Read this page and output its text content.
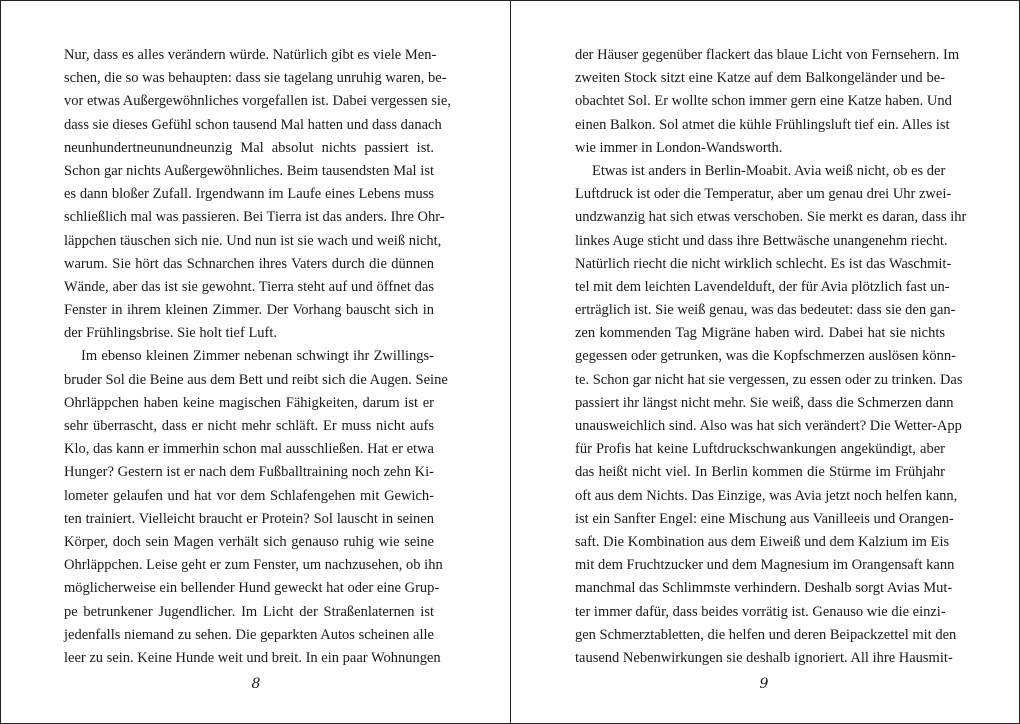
Nur, dass es alles verändern würde. Natürlich gibt es viele Men-
schen, die so was behaupten: dass sie tagelang unruhig waren, be-
vor etwas Außergewöhnliches vorgefallen ist. Dabei vergessen sie,
dass sie dieses Gefühl schon tausend Mal hatten und dass danach
neunhundertneunundneunzig Mal absolut nichts passiert ist.
Schon gar nichts Außergewöhnliches. Beim tausendsten Mal ist
es dann bloßer Zufall. Irgendwann im Laufe eines Lebens muss
schließlich mal was passieren. Bei Tierra ist das anders. Ihre Ohr-
läppchen täuschen sich nie. Und nun ist sie wach und weiß nicht,
warum. Sie hört das Schnarchen ihres Vaters durch die dünnen
Wände, aber das ist sie gewohnt. Tierra steht auf und öffnet das
Fenster in ihrem kleinen Zimmer. Der Vorhang bauscht sich in
der Frühlingsbrise. Sie holt tief Luft.
Im ebenso kleinen Zimmer nebenan schwingt ihr Zwillings-
bruder Sol die Beine aus dem Bett und reibt sich die Augen. Seine
Ohrläppchen haben keine magischen Fähigkeiten, darum ist er
sehr überrascht, dass er nicht mehr schläft. Er muss nicht aufs
Klo, das kann er immerhin schon mal ausschließen. Hat er etwa
Hunger? Gestern ist er nach dem Fußballtraining noch zehn Ki-
lometer gelaufen und hat vor dem Schlafengehen mit Gewich-
ten trainiert. Vielleicht braucht er Protein? Sol lauscht in seinen
Körper, doch sein Magen verhält sich genauso ruhig wie seine
Ohrläppchen. Leise geht er zum Fenster, um nachzusehen, ob ihn
möglicherweise ein bellender Hund geweckt hat oder eine Grup-
pe betrunkener Jugendlicher. Im Licht der Straßenlaternen ist
jedenfalls niemand zu sehen. Die geparkten Autos scheinen alle
leer zu sein. Keine Hunde weit und breit. In ein paar Wohnungen
der Häuser gegenüber flackert das blaue Licht von Fernsehern. Im
zweiten Stock sitzt eine Katze auf dem Balkongeländer und be-
obachtet Sol. Er wollte schon immer gern eine Katze haben. Und
einen Balkon. Sol atmet die kühle Frühlingsluft tief ein. Alles ist
wie immer in London-Wandsworth.
Etwas ist anders in Berlin-Moabit. Avia weiß nicht, ob es der
Luftdruck ist oder die Temperatur, aber um genau drei Uhr zwei-
undzwanzig hat sich etwas verschoben. Sie merkt es daran, dass ihr
linkes Auge sticht und dass ihre Bettwäsche unangenehm riecht.
Natürlich riecht die nicht wirklich schlecht. Es ist das Waschmit-
tel mit dem leichten Lavendelduft, der für Avia plötzlich fast un-
erträglich ist. Sie weiß genau, was das bedeutet: dass sie den gan-
zen kommenden Tag Migräne haben wird. Dabei hat sie nichts
gegessen oder getrunken, was die Kopfschmerzen auslösen könn-
te. Schon gar nicht hat sie vergessen, zu essen oder zu trinken. Das
passiert ihr längst nicht mehr. Sie weiß, dass die Schmerzen dann
unausweichlich sind. Also was hat sich verändert? Die Wetter-App
für Profis hat keine Luftdruckschwankungen angekündigt, aber
das heißt nicht viel. In Berlin kommen die Stürme im Frühjahr
oft aus dem Nichts. Das Einzige, was Avia jetzt noch helfen kann,
ist ein Sanfter Engel: eine Mischung aus Vanilleeis und Orangen-
saft. Die Kombination aus dem Eiweiß und dem Kalzium im Eis
mit dem Fruchtzucker und dem Magnesium im Orangensaft kann
manchmal das Schlimmste verhindern. Deshalb sorgt Avias Mut-
ter immer dafür, dass beides vorrätig ist. Genauso wie die einzi-
gen Schmerztabletten, die helfen und deren Beipackzettel mit den
tausend Nebenwirkungen sie deshalb ignoriert. All ihre Hausmit-
8	9
